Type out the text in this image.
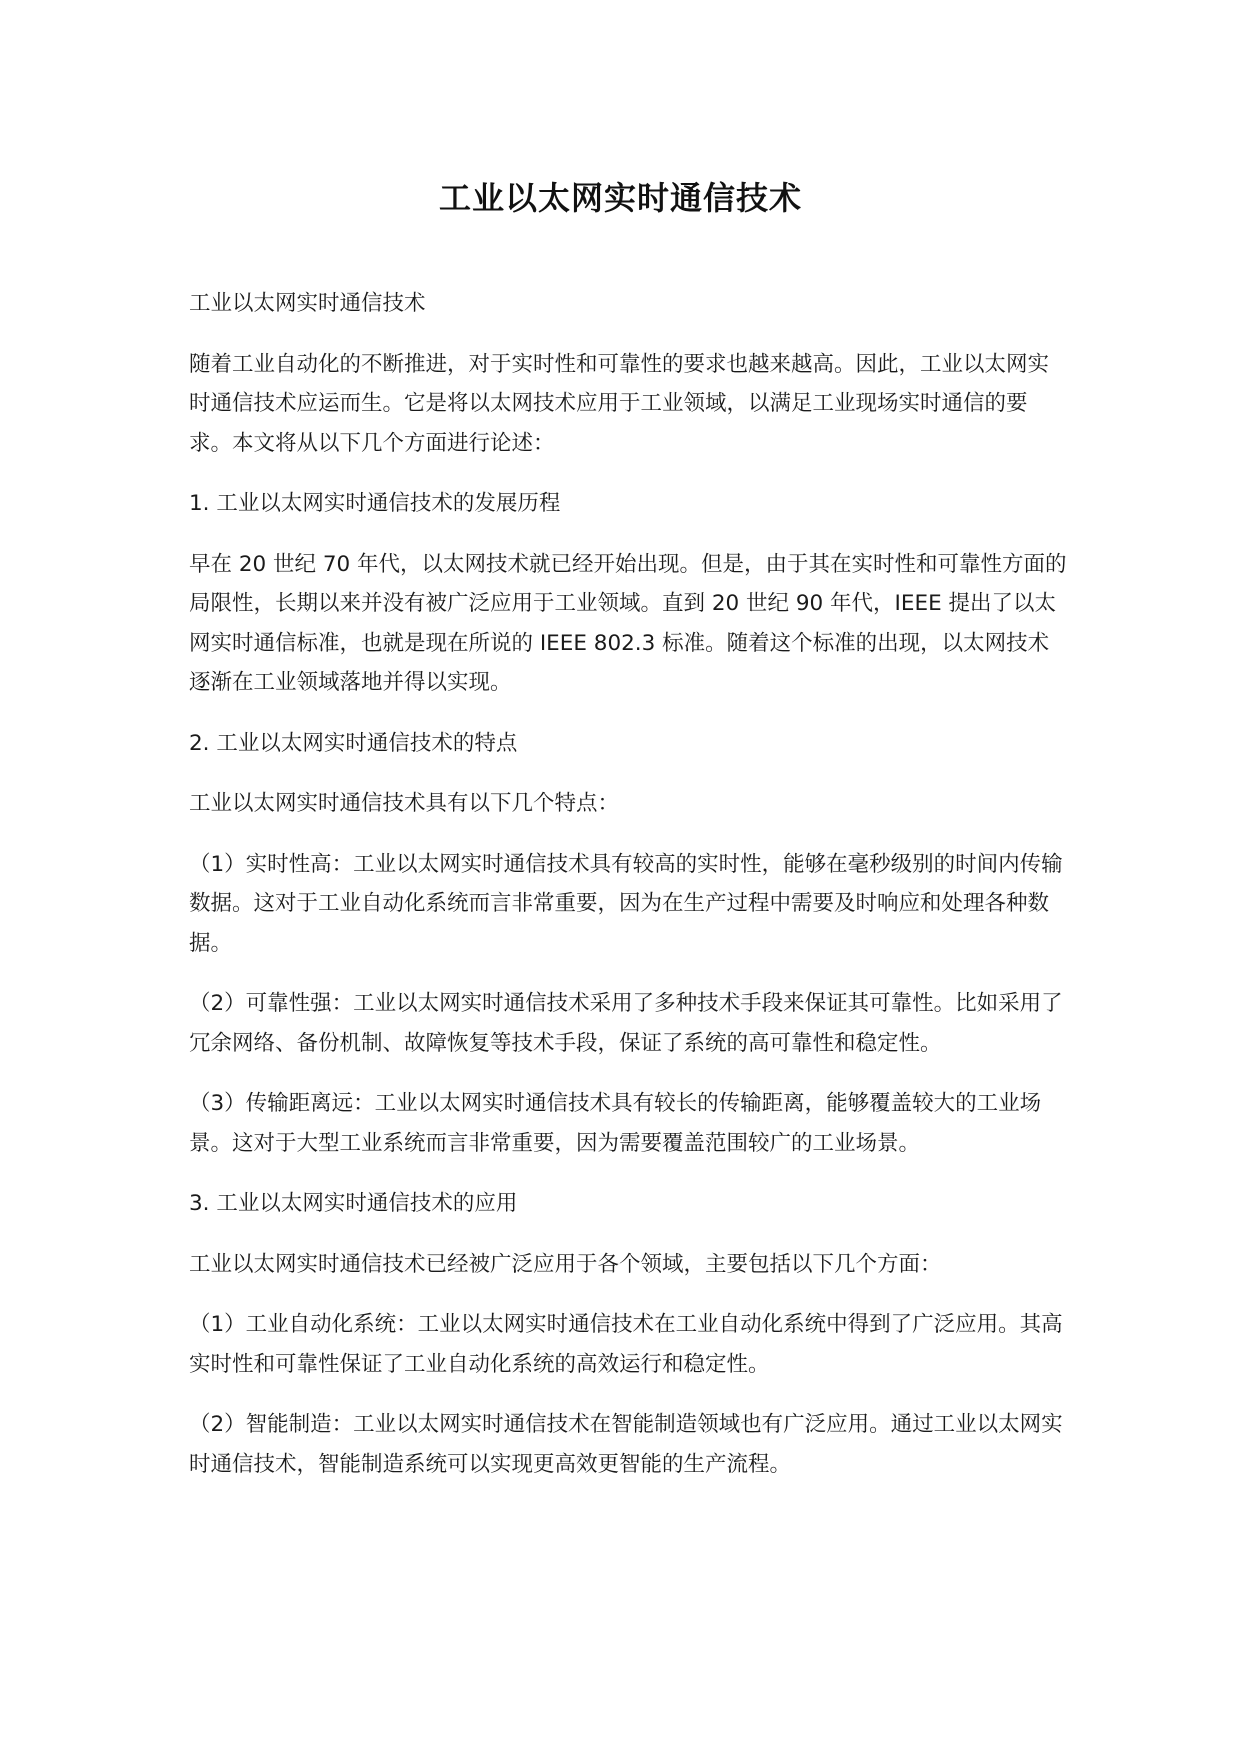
工业以太网实时通信技术

工业以太网实时通信技术

随着工业自动化的不断推进，对于实时性和可靠性的要求也越来越高。因此，工业以太网实时通信技术应运而生。它是将以太网技术应用于工业领域，以满足工业现场实时通信的要求。本文将从以下几个方面进行论述：

1. 工业以太网实时通信技术的发展历程

早在 20 世纪 70 年代，以太网技术就已经开始出现。但是，由于其在实时性和可靠性方面的局限性，长期以来并没有被广泛应用于工业领域。直到 20 世纪 90 年代，IEEE 提出了以太网实时通信标准，也就是现在所说的 IEEE 802.3 标准。随着这个标准的出现，以太网技术逐渐在工业领域落地并得以实现。

2. 工业以太网实时通信技术的特点

工业以太网实时通信技术具有以下几个特点：

（1）实时性高：工业以太网实时通信技术具有较高的实时性，能够在毫秒级别的时间内传输数据。这对于工业自动化系统而言非常重要，因为在生产过程中需要及时响应和处理各种数据。

（2）可靠性强：工业以太网实时通信技术采用了多种技术手段来保证其可靠性。比如采用了冗余网络、备份机制、故障恢复等技术手段，保证了系统的高可靠性和稳定性。

（3）传输距离远：工业以太网实时通信技术具有较长的传输距离，能够覆盖较大的工业场景。这对于大型工业系统而言非常重要，因为需要覆盖范围较广的工业场景。

3. 工业以太网实时通信技术的应用

工业以太网实时通信技术已经被广泛应用于各个领域，主要包括以下几个方面：

（1）工业自动化系统：工业以太网实时通信技术在工业自动化系统中得到了广泛应用。其高实时性和可靠性保证了工业自动化系统的高效运行和稳定性。

（2）智能制造：工业以太网实时通信技术在智能制造领域也有广泛应用。通过工业以太网实时通信技术，智能制造系统可以实现更高效更智能的生产流程。
